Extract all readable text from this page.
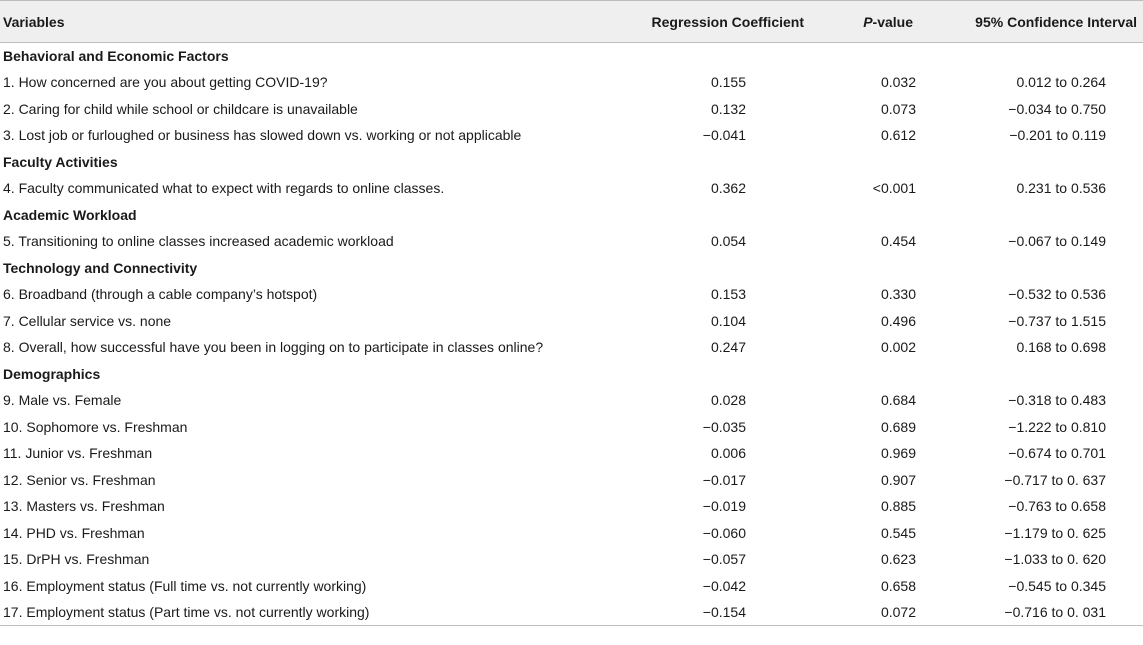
Variables	Regression Coefficient	P-value	95% Confidence Interval
Behavioral and Economic Factors			
1. How concerned are you about getting COVID-19?	0.155	0.032	0.012 to 0.264
2. Caring for child while school or childcare is unavailable	0.132	0.073	−0.034 to 0.750
3. Lost job or furloughed or business has slowed down vs. working or not applicable	−0.041	0.612	−0.201 to 0.119
Faculty Activities			
4. Faculty communicated what to expect with regards to online classes.	0.362	<0.001	0.231 to 0.536
Academic Workload			
5. Transitioning to online classes increased academic workload	0.054	0.454	−0.067 to 0.149
Technology and Connectivity			
6. Broadband (through a cable company’s hotspot)	0.153	0.330	−0.532 to 0.536
7. Cellular service vs. none	0.104	0.496	−0.737 to 1.515
8. Overall, how successful have you been in logging on to participate in classes online?	0.247	0.002	0.168 to 0.698
Demographics			
9. Male vs. Female	0.028	0.684	−0.318 to 0.483
10. Sophomore vs. Freshman	−0.035	0.689	−1.222 to 0.810
11. Junior vs. Freshman	0.006	0.969	−0.674 to 0.701
12. Senior vs. Freshman	−0.017	0.907	−0.717 to 0. 637
13. Masters vs. Freshman	−0.019	0.885	−0.763 to 0.658
14. PHD vs. Freshman	−0.060	0.545	−1.179 to 0. 625
15. DrPH vs. Freshman	−0.057	0.623	−1.033 to 0. 620
16. Employment status (Full time vs. not currently working)	−0.042	0.658	−0.545 to 0.345
17. Employment status (Part time vs. not currently working)	−0.154	0.072	−0.716 to 0. 031
